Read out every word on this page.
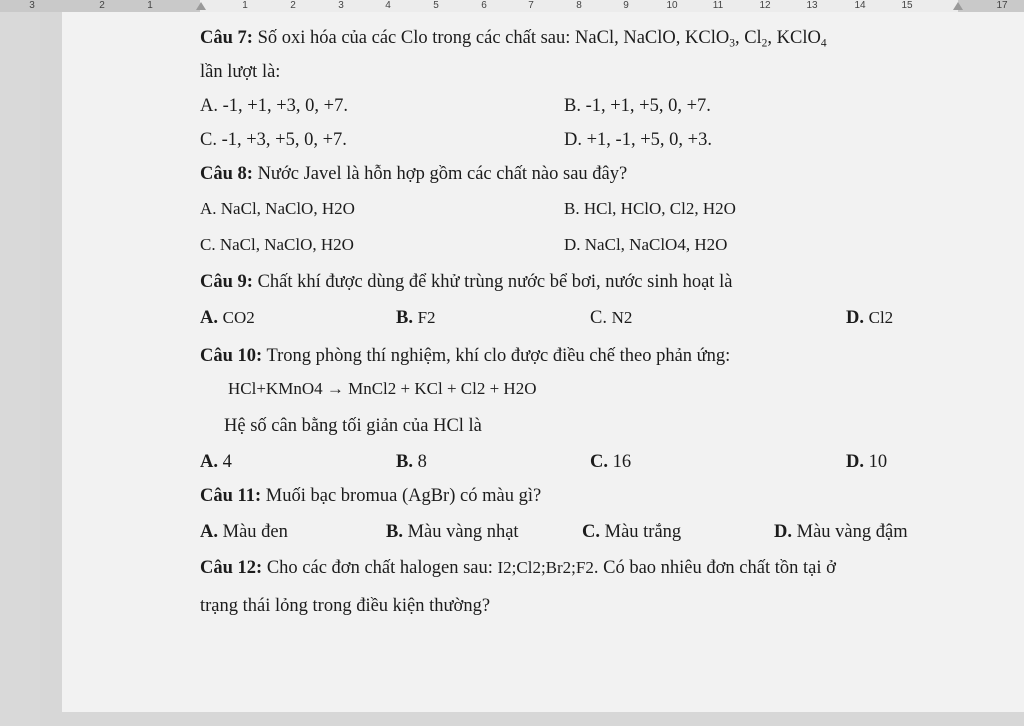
3	2	1	1	2	3	4	5	6	7	8	9	10	11	12	13	14	15	17
Câu 7: Số oxi hóa của các Clo trong các chất sau: NaCl, NaClO, KClO$_3$, $Cl_2$, KClO$_4$
lần lượt là:
A. -1, +1, +3, 0, +7.	B. -1, +1, +5, 0, +7.
C. -1, +3, +5, 0, +7.	D. +1, -1, +5, 0, +3.
Câu 8: Nước Javel là hỗn hợp gồm các chất nào sau đây?
A. NaCl, NaClO, H2O	B. HCl, HClO, Cl2, H2O
C. NaCl, NaClO, H2O	D. NaCl, NaClO4, H2O
Câu 9: Chất khí được dùng để khử trùng nước bể bơi, nước sinh hoạt là
A. CO2	B. F2	C. N2	D. Cl2
Câu 10: Trong phòng thí nghiệm, khí clo được điều chế theo phản ứng:
HCl+KMnO4 → MnCl2 + KCl + Cl2 + H2O
Hệ số cân bằng tối giản của HCl là
A. 4	B. 8	C. 16	D. 10
Câu 11: Muối bạc bromua (AgBr) có màu gì?
A. Màu đen	B. Màu vàng nhạt	C. Màu trắng	D. Màu vàng đậm
Câu 12: Cho các đơn chất halogen sau: I2;Cl2;Br2;F2. Có bao nhiêu đơn chất tồn tại ở
trạng thái lỏng trong điều kiện thường?
